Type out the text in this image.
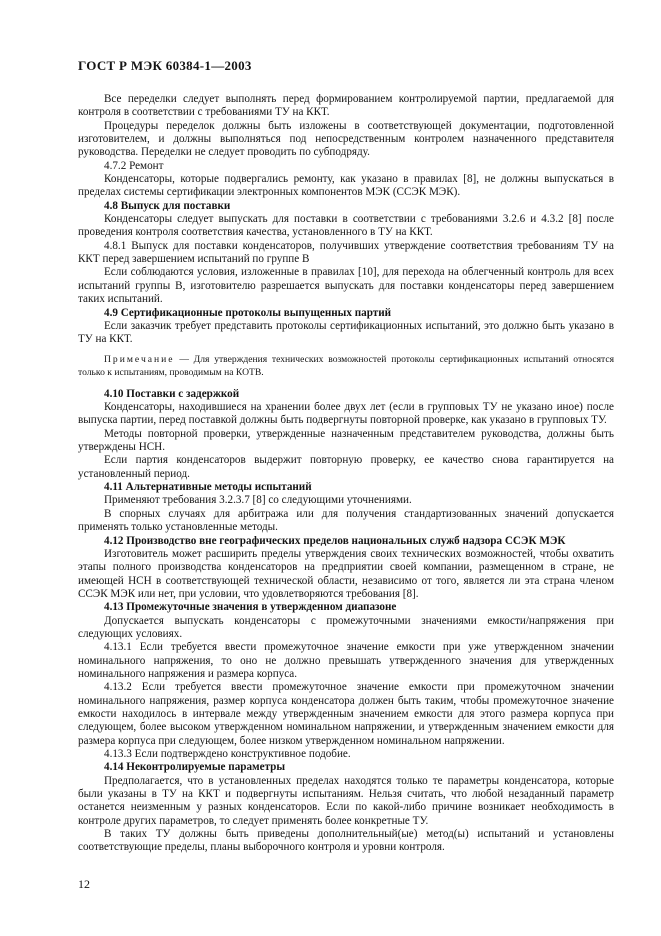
ГОСТ Р МЭК 60384-1—2003

Все переделки следует выполнять перед формированием контролируемой партии, предлагаемой для контроля в соответствии с требованиями ТУ на ККТ.

Процедуры переделок должны быть изложены в соответствующей документации, подготовленной изготовителем, и должны выполняться под непосредственным контролем назначенного представителя руководства. Переделки не следует проводить по субподряду.

4.7.2 Ремонт

Конденсаторы, которые подвергались ремонту, как указано в правилах [8], не должны выпускаться в пределах системы сертификации электронных компонентов МЭК (ССЭК МЭК).

4.8 Выпуск для поставки

Конденсаторы следует выпускать для поставки в соответствии с требованиями 3.2.6 и 4.3.2 [8] после проведения контроля соответствия качества, установленного в ТУ на ККТ.

4.8.1 Выпуск для поставки конденсаторов, получивших утверждение соответствия требованиям ТУ на ККТ перед завершением испытаний по группе В

Если соблюдаются условия, изложенные в правилах [10], для перехода на облегченный контроль для всех испытаний группы В, изготовителю разрешается выпускать для поставки конденсаторы перед завершением таких испытаний.

4.9 Сертификационные протоколы выпущенных партий

Если заказчик требует представить протоколы сертификационных испытаний, это должно быть указано в ТУ на ККТ.

Примечание — Для утверждения технических возможностей протоколы сертификационных испытаний относятся только к испытаниям, проводимым на КОТВ.

4.10 Поставки с задержкой

Конденсаторы, находившиеся на хранении более двух лет (если в групповых ТУ не указано иное) после выпуска партии, перед поставкой должны быть подвергнуты повторной проверке, как указано в групповых ТУ.

Методы повторной проверки, утвержденные назначенным представителем руководства, должны быть утверждены НСН.

Если партия конденсаторов выдержит повторную проверку, ее качество снова гарантируется на установленный период.

4.11 Альтернативные методы испытаний

Применяют требования 3.2.3.7 [8] со следующими уточнениями.

В спорных случаях для арбитража или для получения стандартизованных значений допускается применять только установленные методы.

4.12 Производство вне географических пределов национальных служб надзора ССЭК МЭК

Изготовитель может расширить пределы утверждения своих технических возможностей, чтобы охватить этапы полного производства конденсаторов на предприятии своей компании, размещенном в стране, не имеющей НСН в соответствующей технической области, независимо от того, является ли эта страна членом ССЭК МЭК или нет, при условии, что удовлетворяются требования [8].

4.13 Промежуточные значения в утвержденном диапазоне

Допускается выпускать конденсаторы с промежуточными значениями емкости/напряжения при следующих условиях.

4.13.1 Если требуется ввести промежуточное значение емкости при уже утвержденном значении номинального напряжения, то оно не должно превышать утвержденного значения для утвержденных номинального напряжения и размера корпуса.

4.13.2 Если требуется ввести промежуточное значение емкости при промежуточном значении номинального напряжения, размер корпуса конденсатора должен быть таким, чтобы промежуточное значение емкости находилось в интервале между утвержденным значением емкости для этого размера корпуса при следующем, более высоком утвержденном номинальном напряжении, и утвержденным значением емкости для размера корпуса при следующем, более низком утвержденном номинальном напряжении.

4.13.3 Если подтверждено конструктивное подобие.

4.14 Неконтролируемые параметры

Предполагается, что в установленных пределах находятся только те параметры конденсатора, которые были указаны в ТУ на ККТ и подвергнуты испытаниям. Нельзя считать, что любой незаданный параметр останется неизменным у разных конденсаторов. Если по какой-либо причине возникает необходимость в контроле других параметров, то следует применять более конкретные ТУ.

В таких ТУ должны быть приведены дополнительный(ые) метод(ы) испытаний и установлены соответствующие пределы, планы выборочного контроля и уровни контроля.

12
